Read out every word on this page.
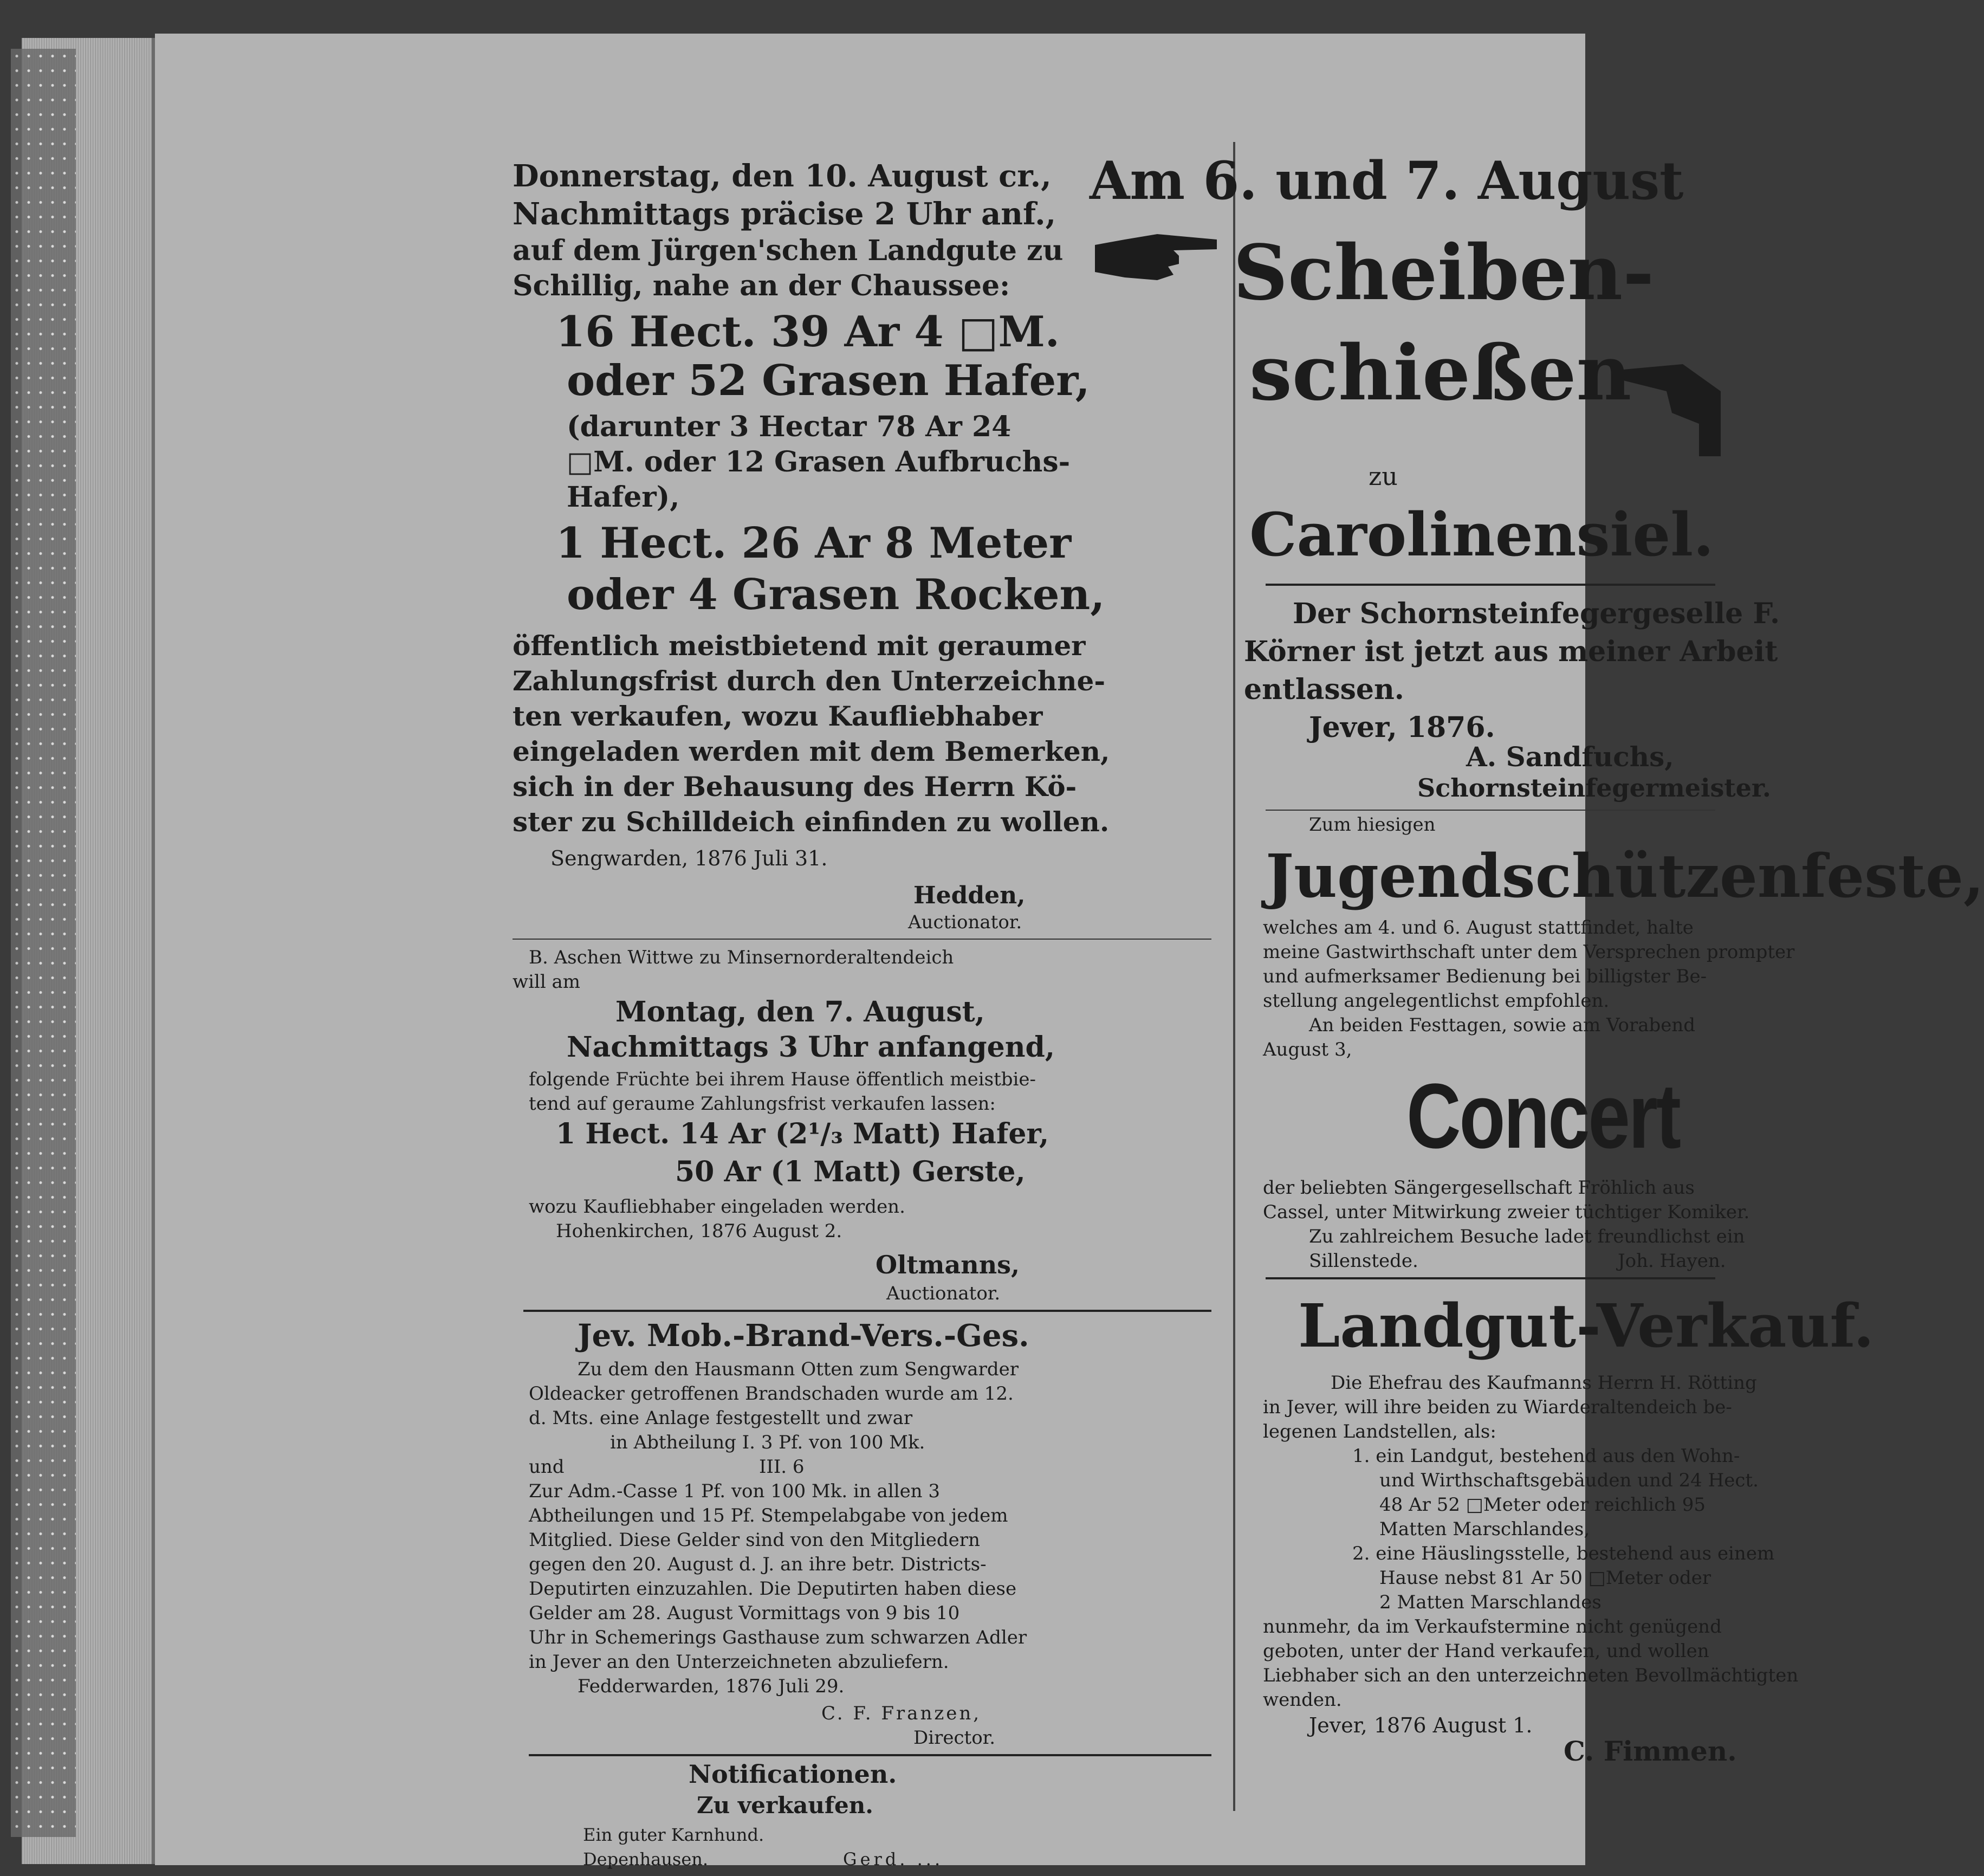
Donnerstag, den 10. August cr.,
Nachmittags präcise 2 Uhr anf.,
auf dem Jürgen'schen Landgute zu
Schillig, nahe an der Chaussee:
16 Hect. 39 Ar 4 □M.
oder 52 Grasen Hafer,
(darunter 3 Hectar 78 Ar 24
□M. oder 12 Grasen Aufbruchs-
Hafer),
1 Hect. 26 Ar 8 Meter
oder 4 Grasen Rocken,
öffentlich meistbietend mit geraumer
Zahlungsfrist durch den Unterzeichne-
ten verkaufen, wozu Kaufliebhaber
eingeladen werden mit dem Bemerken,
sich in der Behausung des Herrn Kö-
ster zu Schilldeich einfinden zu wollen.
Sengwarden, 1876 Juli 31.
Hedden,
Auctionator.
B. Aschen Wittwe zu Minsernorderaltendeich
will am
Montag, den 7. August,
Nachmittags 3 Uhr anfangend,
folgende Früchte bei ihrem Hause öffentlich meistbie-
tend auf geraume Zahlungsfrist verkaufen lassen:
1 Hect. 14 Ar (2¹/₃ Matt) Hafer,
50 Ar (1 Matt) Gerste,
wozu Kaufliebhaber eingeladen werden.
Hohenkirchen, 1876 August 2.
Oltmanns,
Auctionator.
Jev. Mob.-Brand-Vers.-Ges.
Zu dem den Hausmann Otten zum Sengwarder
Oldeacker getroffenen Brandschaden wurde am 12.
d. Mts. eine Anlage festgestellt und zwar
in Abtheilung I. 3 Pf. von 100 Mk.
und	III. 6
Zur Adm.-Casse 1 Pf. von 100 Mk. in allen 3
Abtheilungen und 15 Pf. Stempelabgabe von jedem
Mitglied. Diese Gelder sind von den Mitgliedern
gegen den 20. August d. J. an ihre betr. Districts-
Deputirten einzuzahlen. Die Deputirten haben diese
Gelder am 28. August Vormittags von 9 bis 10
Uhr in Schemerings Gasthause zum schwarzen Adler
in Jever an den Unterzeichneten abzuliefern.
Fedderwarden, 1876 Juli 29.
C. F. Franzen,
Director.
Notificationen.
Zu verkaufen.
Ein guter Karnhund.
Depenhausen.	Gerd. ...
Am 6. und 7. August
Scheiben-
schießen
zu
Carolinensiel.
Der Schornsteinfegergeselle F.
Körner ist jetzt aus meiner Arbeit
entlassen.
Jever, 1876.
A. Sandfuchs,
Schornsteinfegermeister.
Zum hiesigen
Jugendschützenfeste,
welches am 4. und 6. August stattfindet, halte
meine Gastwirthschaft unter dem Versprechen prompter
und aufmerksamer Bedienung bei billigster Be-
stellung angelegentlichst empfohlen.
An beiden Festtagen, sowie am Vorabend
August 3,
Concert
der beliebten Sängergesellschaft Fröhlich aus
Cassel, unter Mitwirkung zweier tüchtiger Komiker.
Zu zahlreichem Besuche ladet freundlichst ein
Sillenstede.	Joh. Hayen.
Landgut-Verkauf.
Die Ehefrau des Kaufmanns Herrn H. Rötting
in Jever, will ihre beiden zu Wiarderaltendeich be-
legenen Landstellen, als:
1. ein Landgut, bestehend aus den Wohn-
und Wirthschaftsgebäuden und 24 Hect.
48 Ar 52 □Meter oder reichlich 95
Matten Marschlandes,
2. eine Häuslingsstelle, bestehend aus einem
Hause nebst 81 Ar 50 □Meter oder
2 Matten Marschlandes
nunmehr, da im Verkaufstermine nicht genügend
geboten, unter der Hand verkaufen, und wollen
Liebhaber sich an den unterzeichneten Bevollmächtigten
wenden.
Jever, 1876 August 1.
C. Fimmen.
